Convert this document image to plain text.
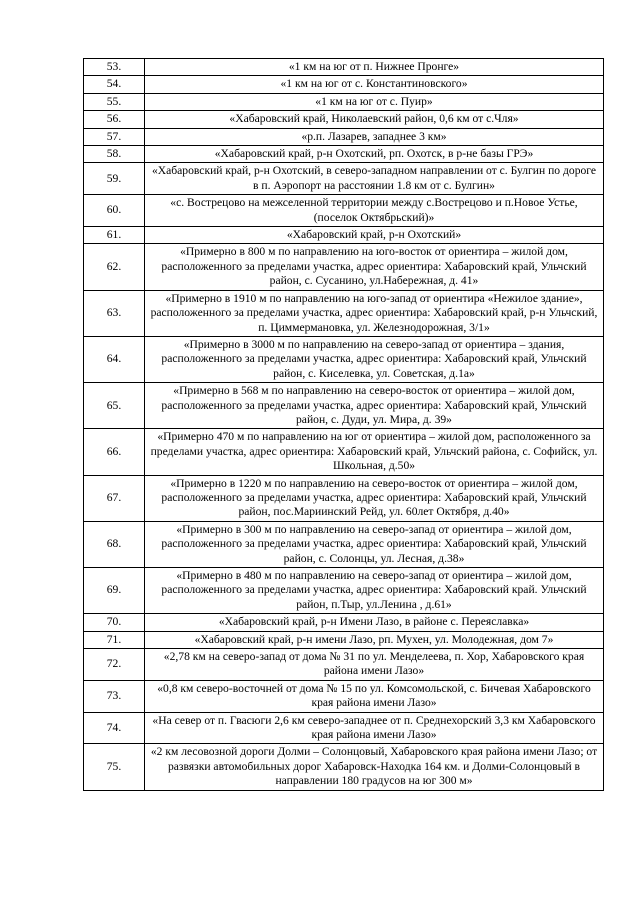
53.	«1 км на юг от п. Нижнее Пронге»
54.	«1 км на юг от с. Константиновского»
55.	«1 км на юг от с. Пуир»
56.	«Хабаровский край, Николаевский район, 0,6 км от с.Чля»
57.	«р.п. Лазарев, западнее 3 км»
58.	«Хабаровский край, р-н Охотский, рп. Охотск, в р-не базы ГРЭ»
59.	«Хабаровский край, р-н Охотский, в северо-западном направлении от с. Булгин по дороге в п. Аэропорт на расстоянии 1.8 км от с. Булгин»
60.	«с. Вострецово на межселенной территории между с.Вострецово и п.Новое Устье, (поселок Октябрьский)»
61.	«Хабаровский край, р-н Охотский»
62.	«Примерно в 800 м по направлению на юго-восток от ориентира – жилой дом, расположенного за пределами участка, адрес ориентира: Хабаровский край, Ульчский район, с. Сусанино, ул.Набережная, д. 41»
63.	«Примерно в 1910 м по направлению на юго-запад от ориентира «Нежилое здание», расположенного за пределами участка, адрес ориентира: Хабаровский край, р-н Ульчский, п. Циммермановка, ул. Железнодорожная, 3/1»
64.	«Примерно в 3000 м по направлению на северо-запад от ориентира – здания, расположенного за пределами участка, адрес ориентира: Хабаровский край, Ульчский район, с. Киселевка, ул. Советская, д.1а»
65.	«Примерно в 568 м по направлению на северо-восток от ориентира – жилой дом, расположенного за пределами участка, адрес ориентира: Хабаровский край, Ульчский район, с. Дуди, ул. Мира, д. 39»
66.	«Примерно 470 м по направлению на юг от ориентира – жилой дом, расположенного за пределами участка, адрес ориентира: Хабаровский край, Ульчский района, с. Софийск, ул. Школьная, д.50»
67.	«Примерно в 1220 м по направлению на северо-восток от ориентира – жилой дом, расположенного за пределами участка, адрес ориентира: Хабаровский край, Ульчский район, пос.Мариинский Рейд, ул. 60лет Октября, д.40»
68.	«Примерно в 300 м по направлению на северо-запад от ориентира – жилой дом, расположенного за пределами участка, адрес ориентира: Хабаровский край, Ульчский район, с. Солонцы, ул. Лесная, д.38»
69.	«Примерно в 480 м по направлению на северо-запад от ориентира – жилой дом, расположенного за пределами участка, адрес ориентира: Хабаровский край. Ульчский район, п.Тыр, ул.Ленина , д.61»
70.	«Хабаровский край, р-н Имени Лазо, в районе с. Переяславка»
71.	«Хабаровский край, р-н имени Лазо, рп. Мухен, ул. Молодежная, дом 7»
72.	«2,78 км на северо-запад от дома № 31 по ул. Менделеева, п. Хор, Хабаровского края района имени Лазо»
73.	«0,8 км северо-восточней от дома № 15 по ул. Комсомольской, с. Бичевая Хабаровского края района имени Лазо»
74.	«На север от п. Гвасюги 2,6 км северо-западнее от п. Среднехорский 3,3 км Хабаровского края района имени Лазо»
75.	«2 км лесовозной дороги Долми – Солонцовый, Хабаровского края района имени Лазо; от развязки автомобильных дорог Хабаровск-Находка 164 км. и Долми-Солонцовый в направлении 180 градусов на юг 300 м»
